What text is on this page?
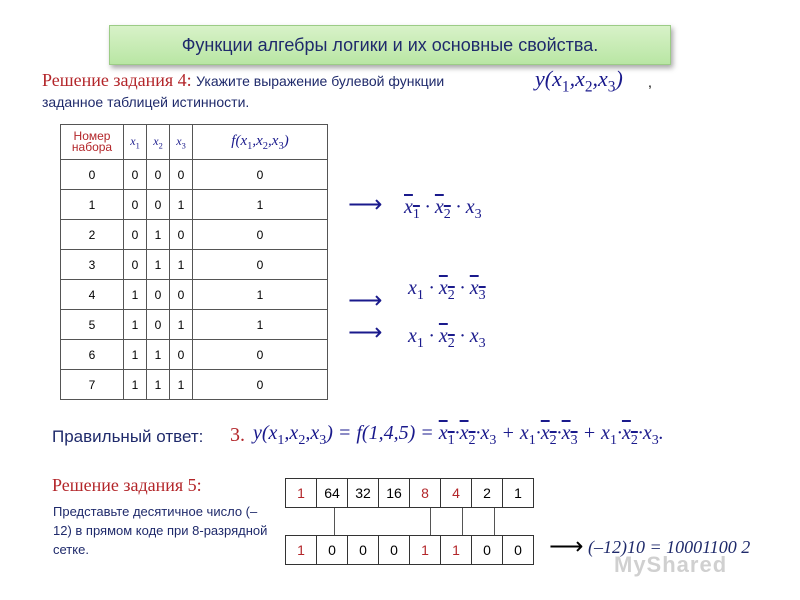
Функции алгебры логики и их основные свойства.
Решение задания 4: Укажите выражение булевой функции	$y(x_1,x_2,x_3)$ ,
заданное таблицей истинности.
Номер набора	$x_1$	$x_2$	$x_3$	$f(x_1,x_2,x_3)$
0	0	0	0	0
1	0	0	1	1
2	0	1	0	0
3	0	1	1	0
4	1	0	0	1
5	1	0	1	1
6	1	1	0	0
7	1	1	1	0
⟶ $x_1 \cdot x_2 \cdot x_3$
⟶ $x_1 \cdot x_2 \cdot x_3$
⟶ $x_1 \cdot x_2 \cdot x_3$
Правильный ответ: 3. $y(x_1,x_2,x_3) = f(1,4,5) = x_1\cdot x_2\cdot x_3 + x_1\cdot x_2\cdot x_3 + x_1\cdot x_2\cdot x_3$.
Решение задания 5:
Представьте десятичное число (– 12) в прямом коде при 8-разрядной сетке.
1	64	32	16	8	4	2	1
1	0	0	0	1	1	0	0	⟶ (–12)10 = 10001100 2
MyShared
